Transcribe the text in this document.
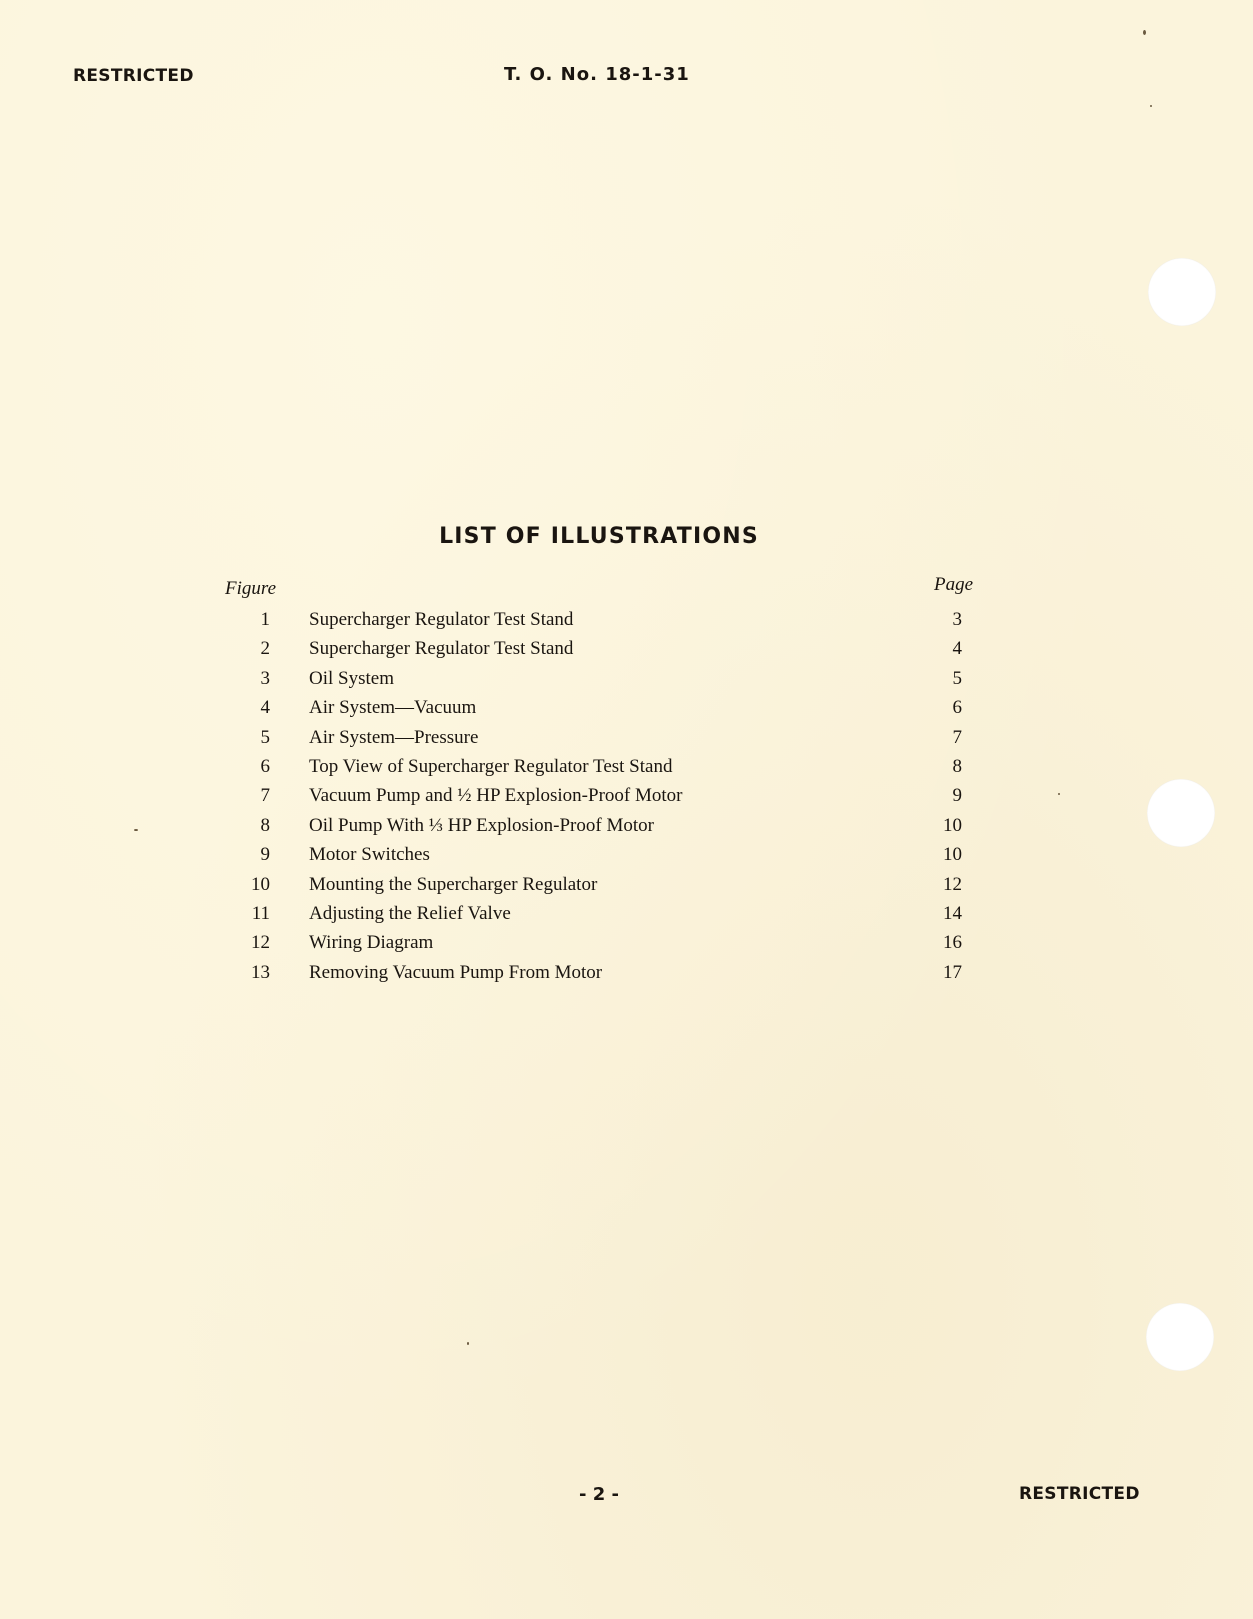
RESTRICTED	T. O. No. 18-1-31
LIST OF ILLUSTRATIONS
Figure	Page
1 Supercharger Regulator Test Stand	3
2 Supercharger Regulator Test Stand	4
3 Oil System	5
4 Air System—Vacuum	6
5 Air System—Pressure	7
6 Top View of Supercharger Regulator Test Stand	8
7 Vacuum Pump and ½ HP Explosion-Proof Motor	9
8 Oil Pump With ⅓ HP Explosion-Proof Motor	10
9 Motor Switches	10
10 Mounting the Supercharger Regulator	12
11 Adjusting the Relief Valve	14
12 Wiring Diagram	16
13 Removing Vacuum Pump From Motor	17
- 2 -	RESTRICTED
